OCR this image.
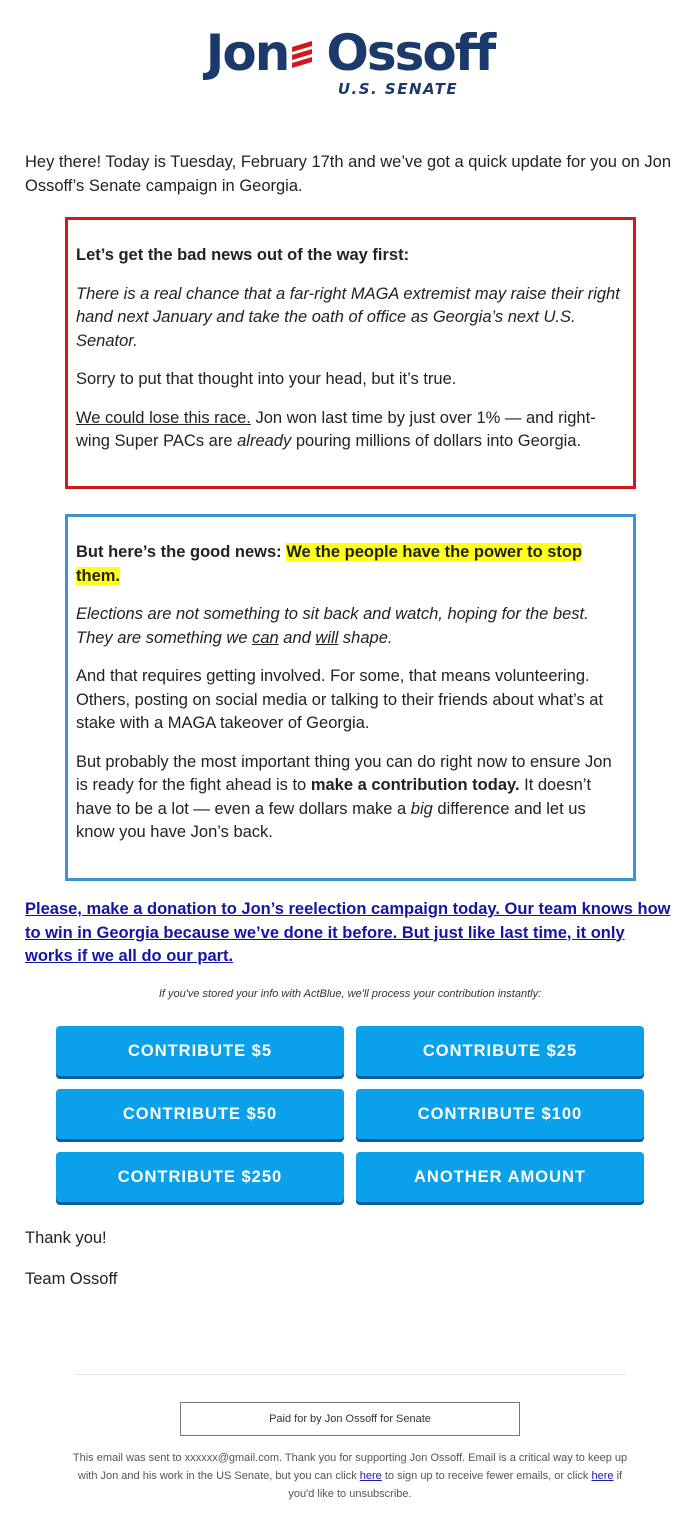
Jon Ossoff
U.S. SENATE

Hey there! Today is Tuesday, February 17th and we’ve got a quick update for you on Jon Ossoff’s Senate campaign in Georgia.

Let’s get the bad news out of the way first:

There is a real chance that a far-right MAGA extremist may raise their right hand next January and take the oath of office as Georgia’s next U.S. Senator.

Sorry to put that thought into your head, but it’s true.

We could lose this race. Jon won last time by just over 1% — and right-wing Super PACs are already pouring millions of dollars into Georgia.

But here’s the good news: We the people have the power to stop them.

Elections are not something to sit back and watch, hoping for the best. They are something we can and will shape.

And that requires getting involved. For some, that means volunteering. Others, posting on social media or talking to their friends about what’s at stake with a MAGA takeover of Georgia.

But probably the most important thing you can do right now to ensure Jon is ready for the fight ahead is to make a contribution today. It doesn’t have to be a lot — even a few dollars make a big difference and let us know you have Jon’s back.

Please, make a donation to Jon’s reelection campaign today. Our team knows how to win in Georgia because we’ve done it before. But just like last time, it only works if we all do our part.

If you've stored your info with ActBlue, we'll process your contribution instantly:

CONTRIBUTE $5	CONTRIBUTE $25
CONTRIBUTE $50	CONTRIBUTE $100
CONTRIBUTE $250	ANOTHER AMOUNT

Thank you!

Team Ossoff

Paid for by Jon Ossoff for Senate

This email was sent to xxxxxx@gmail.com. Thank you for supporting Jon Ossoff. Email is a critical way to keep up with Jon and his work in the US Senate, but you can click here to sign up to receive fewer emails, or click here if you'd like to unsubscribe.
